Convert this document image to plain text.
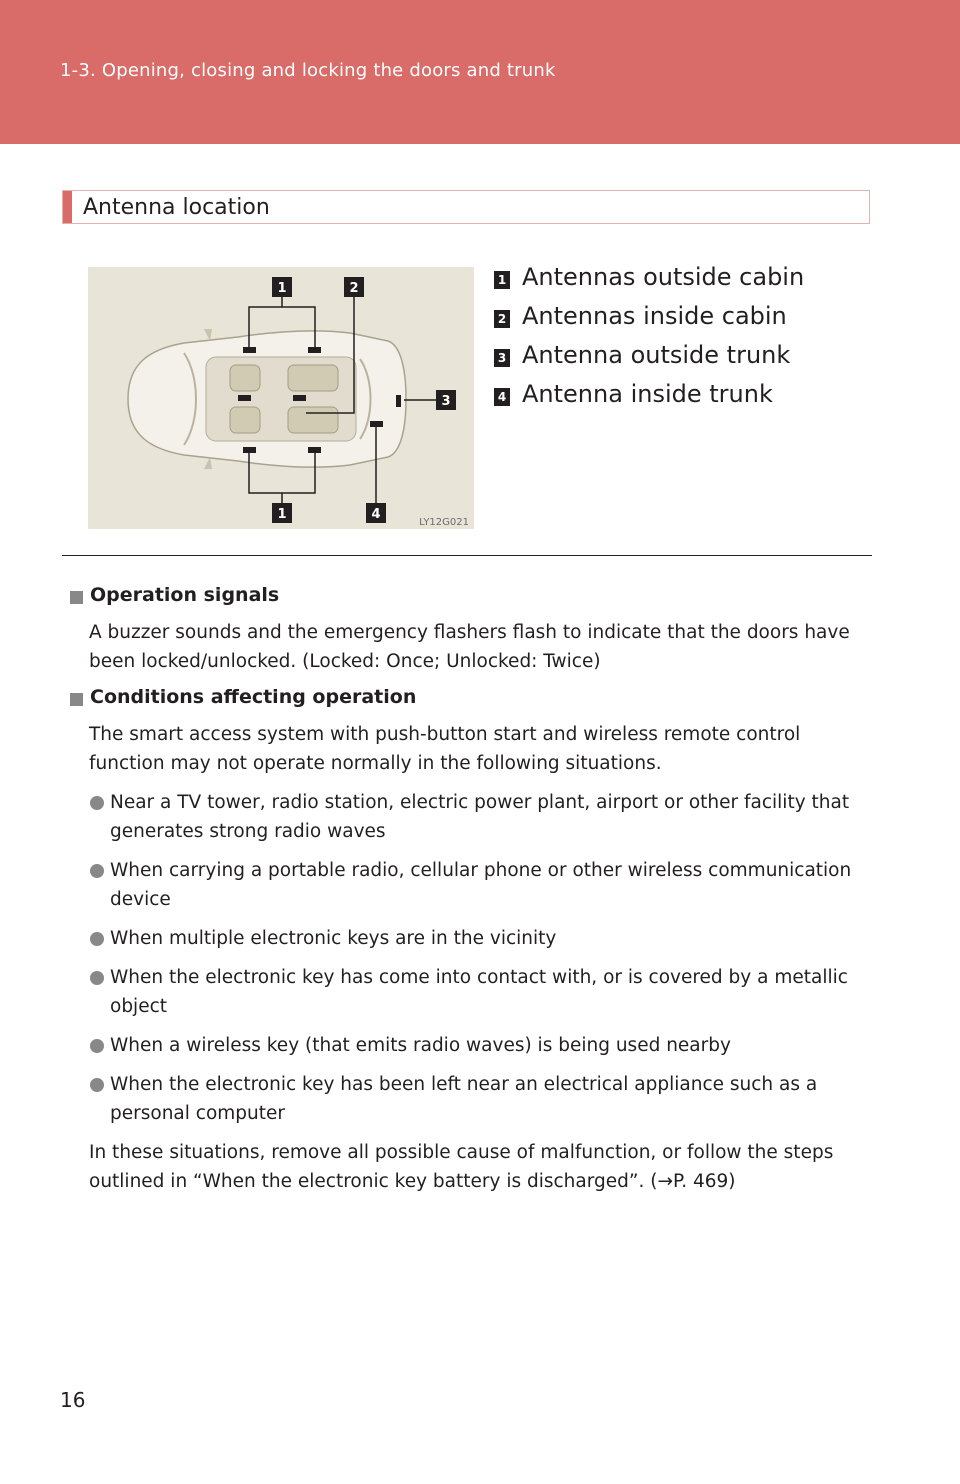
1-3. Opening, closing and locking the doors and trunk
Antenna location
1	2
3
1	4
LY12G021
1 Antennas outside cabin
2 Antennas inside cabin
3 Antenna outside trunk
4 Antenna inside trunk
Operation signals

A buzzer sounds and the emergency flashers flash to indicate that the doors have been locked/unlocked. (Locked: Once; Unlocked: Twice)

Conditions affecting operation

The smart access system with push-button start and wireless remote control function may not operate normally in the following situations.

Near a TV tower, radio station, electric power plant, airport or other facility that generates strong radio waves
When carrying a portable radio, cellular phone or other wireless communication device
When multiple electronic keys are in the vicinity
When the electronic key has come into contact with, or is covered by a metallic object
When a wireless key (that emits radio waves) is being used nearby
When the electronic key has been left near an electrical appliance such as a personal computer

In these situations, remove all possible cause of malfunction, or follow the steps outlined in “When the electronic key battery is discharged”. (→P. 469)

16
